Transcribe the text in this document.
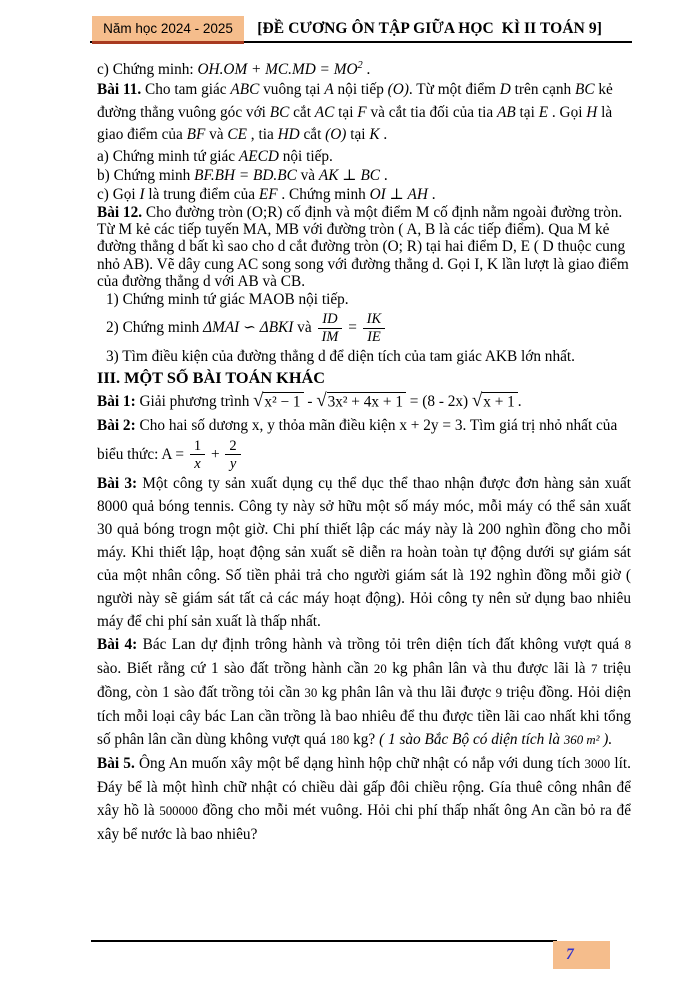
Năm học 2024 - 2025	[ĐỀ CƯƠNG ÔN TẬP GIỮA HỌC  KÌ II TOÁN 9]
c) Chứng minh: $OH.OM + MC.MD = MO^2$ .
Bài 11. Cho tam giác ABC vuông tại A nội tiếp (O). Từ một điểm D trên cạnh BC kẻ đường thẳng vuông góc với BC cắt AC tại F và cắt tia đối của tia AB tại E . Gọi H là giao điểm của BF và CE , tia HD cắt (O) tại K .
a) Chứng minh tứ giác AECD nội tiếp.
b) Chứng minh BF.BH = BD.BC và AK ⊥ BC .
c) Gọi I là trung điểm của EF . Chứng minh OI ⊥ AH .
Bài 12. Cho đường tròn (O;R) cố định và một điểm M cố định nằm ngoài đường tròn. Từ M kẻ các tiếp tuyến MA, MB với đường tròn ( A, B là các tiếp điểm). Qua M kẻ đường thẳng d bất kì sao cho d cắt đường tròn (O; R) tại hai điểm D, E ( D thuộc cung nhỏ AB). Vẽ dây cung AC song song với đường thẳng d. Gọi I, K lần lượt là giao điểm của đường thẳng d với AB và CB.
1) Chứng minh tứ giác MAOB nội tiếp.
2) Chứng minh ΔMAI ∽ ΔBKI và $\frac{ID}{IM} = \frac{IK}{IE}$
3) Tìm điều kiện của đường thẳng d để diện tích của tam giác AKB lớn nhất.
III. MỘT SỐ BÀI TOÁN KHÁC
Bài 1: Giải phương trình √x² − 1 - √3x² + 4x + 1 = (8 - 2x) √x + 1 .
Bài 2: Cho hai số dương x, y thỏa mãn điều kiện x + 2y = 3. Tìm giá trị nhỏ nhất của biểu thức: $A = \frac{1}{x} + \frac{2}{y}$
Bài 3: Một công ty sản xuất dụng cụ thể dục thể thao nhận được đơn hàng sản xuất 8000 quả bóng tennis. Công ty này sở hữu một số máy móc, mỗi máy có thể sản xuất 30 quả bóng trogn một giờ. Chi phí thiết lập các máy này là 200 nghìn đồng cho mỗi máy. Khi thiết lập, hoạt động sản xuất sẽ diễn ra hoàn toàn tự động dưới sự giám sát của một nhân công. Số tiền phải trả cho người giám sát là 192 nghìn đồng mỗi giờ ( người này sẽ giám sát tất cả các máy hoạt động). Hỏi công ty nên sử dụng bao nhiêu máy để chi phí sản xuất là thấp nhất.
Bài 4: Bác Lan dự định trông hành và trồng tỏi trên diện tích đất không vượt quá 8 sào. Biết rằng cứ 1 sào đất trồng hành cần 20 kg phân lân và thu được lãi là 7 triệu đồng, còn 1 sào đất trồng tỏi cần 30 kg phân lân và thu lãi được 9 triệu đồng. Hỏi diện tích mỗi loại cây bác Lan cần trồng là bao nhiêu để thu được tiền lãi cao nhất khi tổng số phân lân cần dùng không vượt quá 180 kg? ( 1 sào Bắc Bộ có diện tích là 360 m² ).
Bài 5. Ông An muốn xây một bể dạng hình hộp chữ nhật có nắp với dung tích 3000 lít. Đáy bể là một hình chữ nhật có chiều dài gấp đôi chiều rộng. Gía thuê công nhân để xây hồ là 500000 đồng cho mỗi mét vuông. Hỏi chi phí thấp nhất ông An cần bỏ ra để xây bể nước là bao nhiêu?
7
